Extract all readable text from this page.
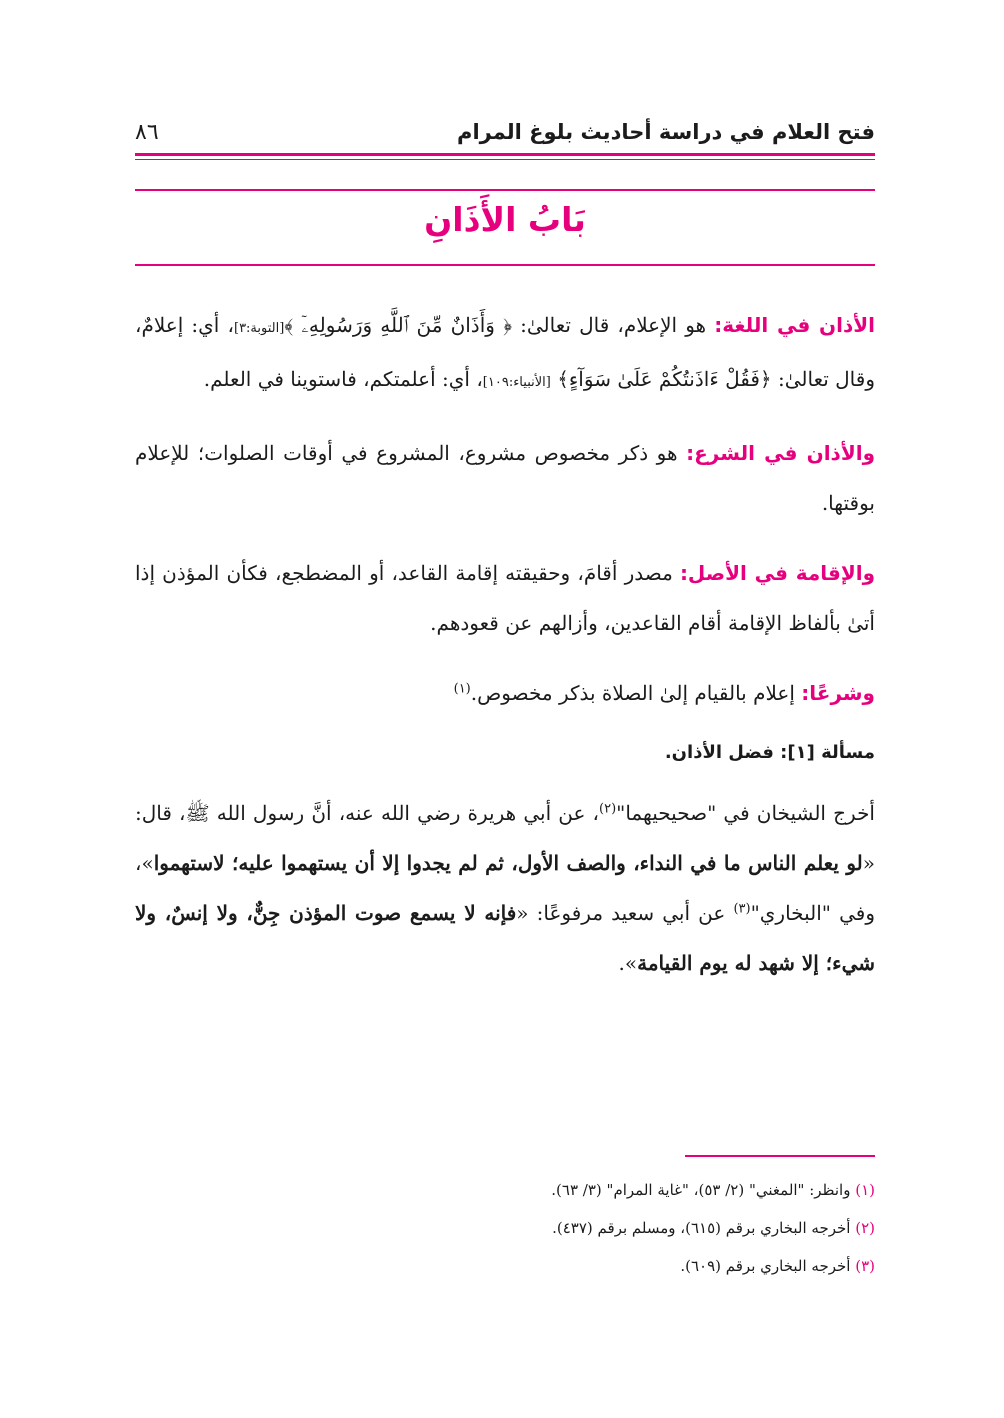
فتح العلام في دراسة أحاديث بلوغ المرام
٨٦
بَابُ الأَذَانِ

الأذان في اللغة: هو الإعلام، قال تعالىٰ: ﴿ وَأَذَانٌ مِّنَ ٱللَّهِ وَرَسُولِهِۦٓ ﴾[التوبة:٣]، أي: إعلامٌ، وقال تعالىٰ: ﴿فَقُلْ ءَاذَنتُكُمْ عَلَىٰ سَوَآءٍ﴾ [الأنبياء:١٠٩]، أي: أعلمتكم، فاستوينا في العلم.

والأذان في الشرع: هو ذكر مخصوص مشروع، المشروع في أوقات الصلوات؛ للإعلام بوقتها.

والإقامة في الأصل: مصدر أقامَ، وحقيقته إقامة القاعد، أو المضطجع، فكأن المؤذن إذا أتىٰ بألفاظ الإقامة أقام القاعدين، وأزالهم عن قعودهم.

وشرعًا: إعلام بالقيام إلىٰ الصلاة بذكر مخصوص.$^{(١)}$

مسألة [١]: فضل الأذان.

أخرج الشيخان في "صحيحيهما"$^{(٢)}$، عن أبي هريرة رضي الله عنه، أنَّ رسول الله ﷺ، قال: «لو يعلم الناس ما في النداء، والصف الأول، ثم لم يجدوا إلا أن يستهموا عليه؛ لاستهموا»، وفي "البخاري"$^{(٣)}$ عن أبي سعيد مرفوعًا: «فإنه لا يسمع صوت المؤذن جِنٌّ، ولا إنسٌ، ولا شيء؛ إلا شهد له يوم القيامة».

(١) وانظر: "المغني" (٢/ ٥٣)، "غاية المرام" (٣/ ٦٣).
(٢) أخرجه البخاري برقم (٦١٥)، ومسلم برقم (٤٣٧).
(٣) أخرجه البخاري برقم (٦٠٩).
